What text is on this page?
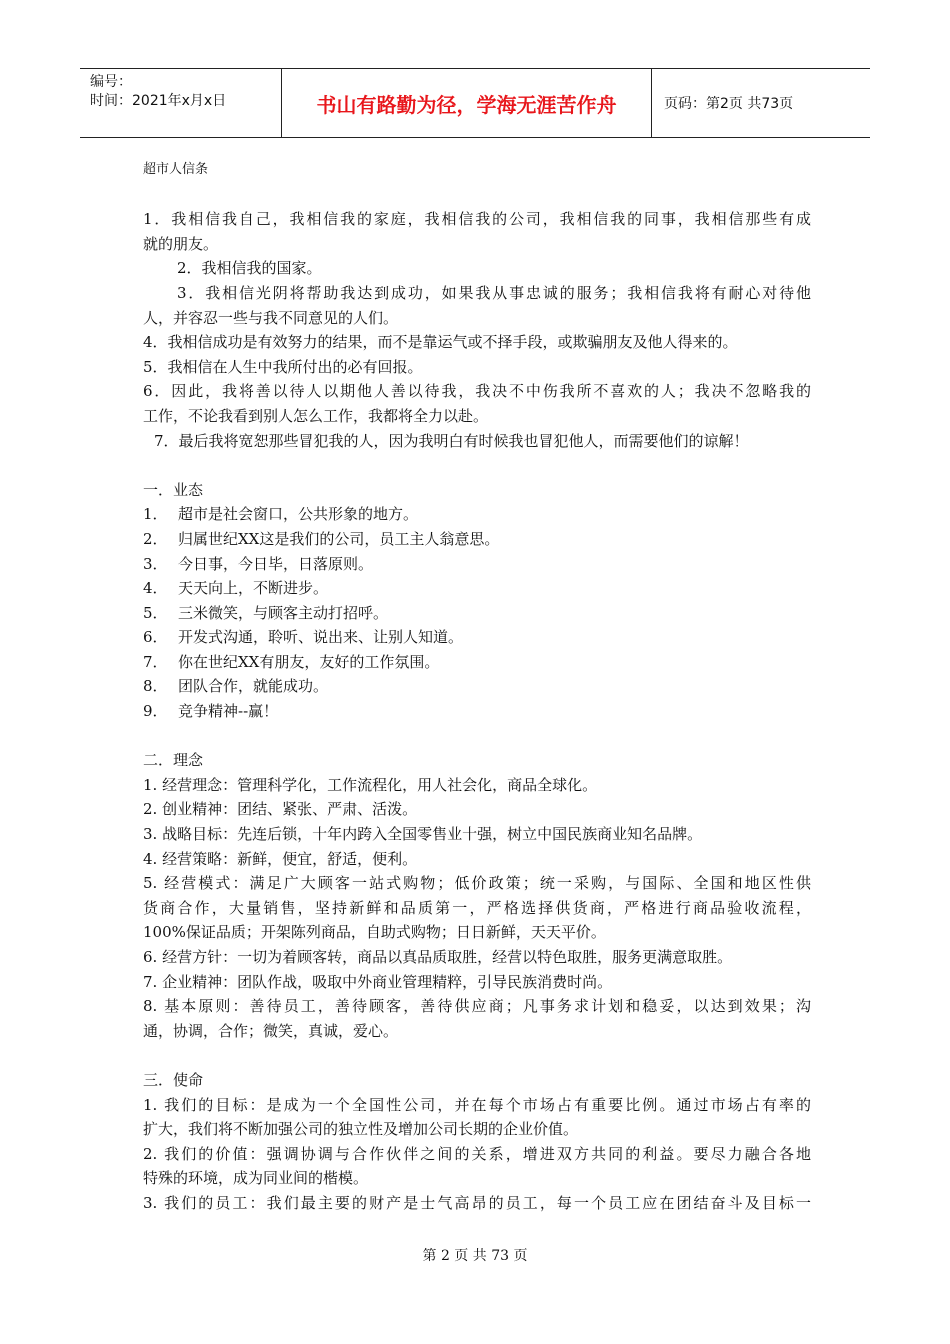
编号：
时间：2021年x月x日	书山有路勤为径，学海无涯苦作舟	页码：第2页 共73页
超市人信条
1．我相信我自己，我相信我的家庭，我相信我的公司，我相信我的同事，我相信那些有成
就的朋友。
2．我相信我的国家。
3．我相信光阴将帮助我达到成功，如果我从事忠诚的服务；我相信我将有耐心对待他
人，并容忍一些与我不同意见的人们。
4．我相信成功是有效努力的结果，而不是靠运气或不择手段，或欺骗朋友及他人得来的。
5．我相信在人生中我所付出的必有回报。
6．因此，我将善以待人以期他人善以待我，我决不中伤我所不喜欢的人；我决不忽略我的
工作，不论我看到别人怎么工作，我都将全力以赴。
7．最后我将宽恕那些冒犯我的人，因为我明白有时候我也冒犯他人，而需要他们的谅解！
一．业态
1． 超市是社会窗口，公共形象的地方。
2． 归属世纪XX这是我们的公司，员工主人翁意思。
3． 今日事，今日毕，日落原则。
4． 天天向上，不断进步。
5． 三米微笑，与顾客主动打招呼。
6． 开发式沟通，聆听、说出来、让别人知道。
7． 你在世纪XX有朋友，友好的工作氛围。
8． 团队合作，就能成功。
9． 竞争精神--赢！
二．理念
1. 经营理念：管理科学化，工作流程化，用人社会化，商品全球化。
2. 创业精神：团结、紧张、严肃、活泼。
3. 战略目标：先连后锁，十年内跨入全国零售业十强，树立中国民族商业知名品牌。
4. 经营策略：新鲜，便宜，舒适，便利。
5. 经营模式：满足广大顾客一站式购物；低价政策；统一采购，与国际、全国和地区性供
货商合作，大量销售，坚持新鲜和品质第一，严格选择供货商，严格进行商品验收流程，
100%保证品质；开架陈列商品，自助式购物；日日新鲜，天天平价。
6. 经营方针：一切为着顾客转，商品以真品质取胜，经营以特色取胜，服务更满意取胜。
7. 企业精神：团队作战，吸取中外商业管理精粹，引导民族消费时尚。
8. 基本原则：善待员工，善待顾客，善待供应商；凡事务求计划和稳妥，以达到效果；沟
通，协调，合作；微笑，真诚，爱心。
三．使命
1. 我们的目标：是成为一个全国性公司，并在每个市场占有重要比例。通过市场占有率的
扩大，我们将不断加强公司的独立性及增加公司长期的企业价值。
2. 我们的价值：强调协调与合作伙伴之间的关系，增进双方共同的利益。要尽力融合各地
特殊的环境，成为同业间的楷模。
3. 我们的员工：我们最主要的财产是士气高昂的员工，每一个员工应在团结奋斗及目标一
第 2 页 共 73 页
